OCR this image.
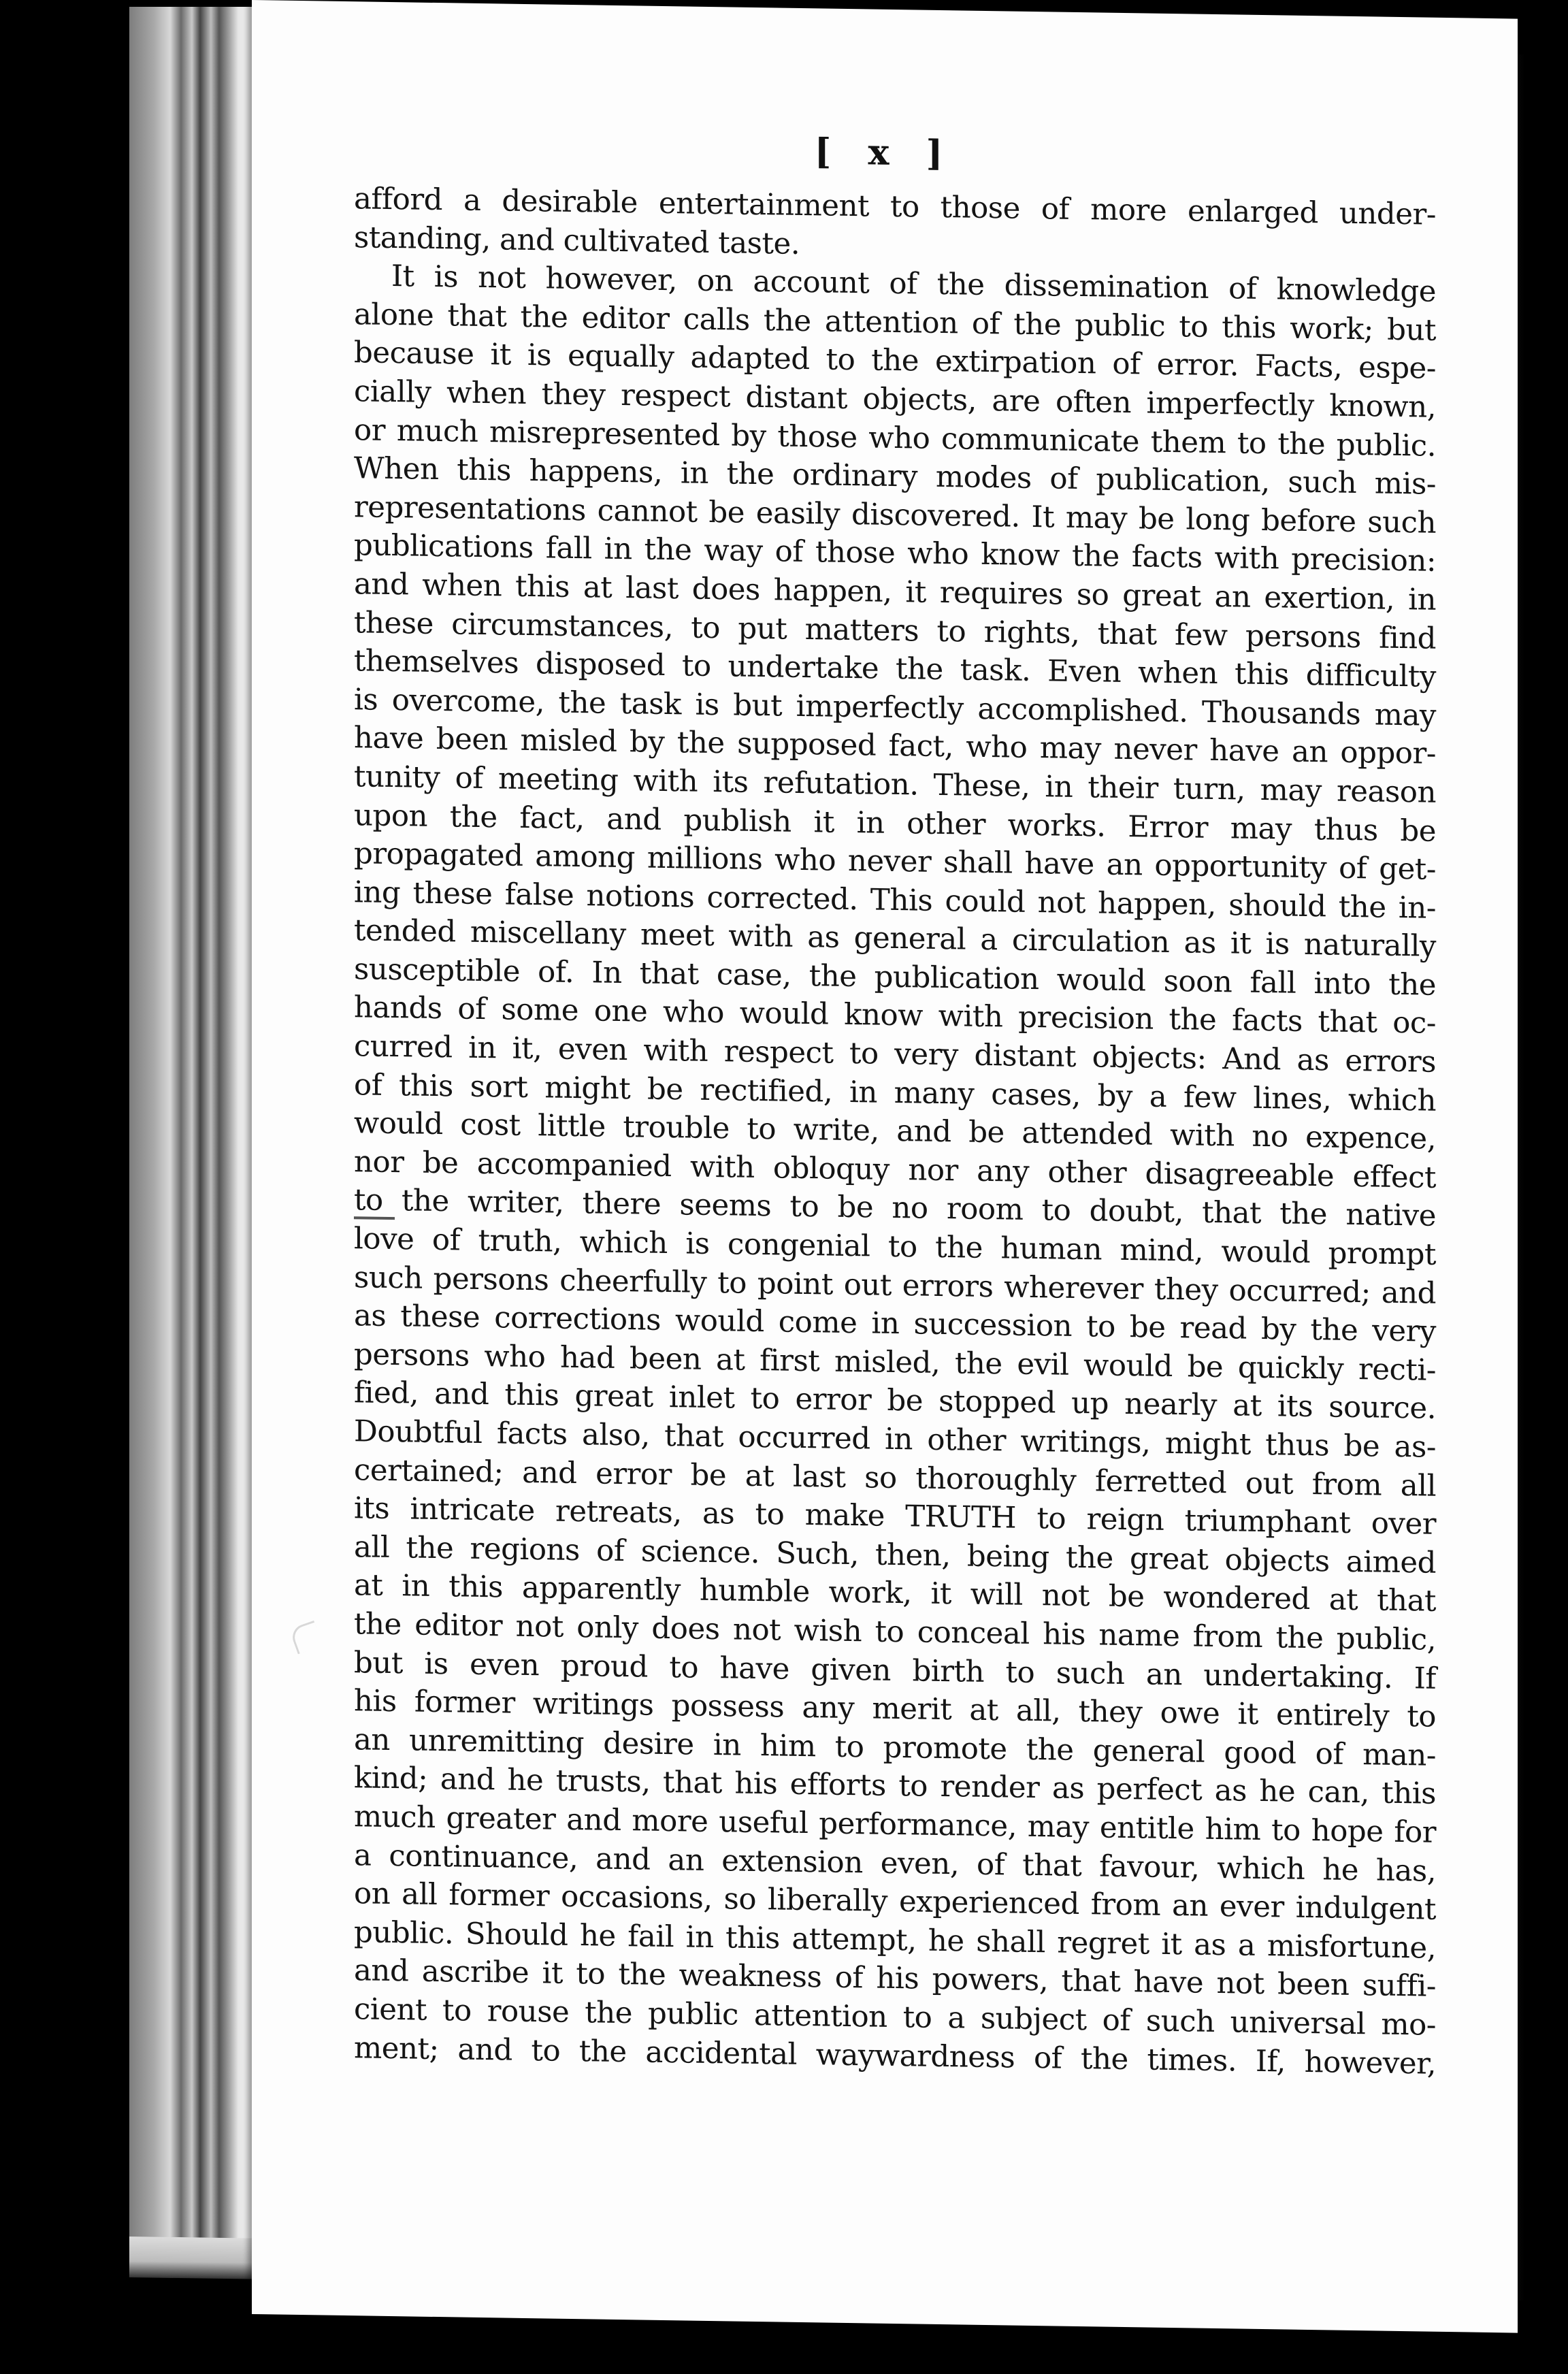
[ x ]
afford a desirable entertainment to those of more enlarged under-
standing, and cultivated taste.
It is not however, on account of the dissemination of knowledge
alone that the editor calls the attention of the public to this work; but
because it is equally adapted to the extirpation of error. Facts, espe-
cially when they respect distant objects, are often imperfectly known,
or much misrepresented by those who communicate them to the public.
When this happens, in the ordinary modes of publication, such mis-
representations cannot be easily discovered. It may be long before such
publications fall in the way of those who know the facts with precision:
and when this at last does happen, it requires so great an exertion, in
these circumstances, to put matters to rights, that few persons find
themselves disposed to undertake the task. Even when this difficulty
is overcome, the task is but imperfectly accomplished. Thousands may
have been misled by the supposed fact, who may never have an oppor-
tunity of meeting with its refutation. These, in their turn, may reason
upon the fact, and publish it in other works. Error may thus be
propagated among millions who never shall have an opportunity of get-
ing these false notions corrected. This could not happen, should the in-
tended miscellany meet with as general a circulation as it is naturally
susceptible of. In that case, the publication would soon fall into the
hands of some one who would know with precision the facts that oc-
curred in it, even with respect to very distant objects: And as errors
of this sort might be rectified, in many cases, by a few lines, which
would cost little trouble to write, and be attended with no expence,
nor be accompanied with obloquy nor any other disagreeable effect
to the writer, there seems to be no room to doubt, that the native
love of truth, which is congenial to the human mind, would prompt
such persons cheerfully to point out errors wherever they occurred; and
as these corrections would come in succession to be read by the very
persons who had been at first misled, the evil would be quickly recti-
fied, and this great inlet to error be stopped up nearly at its source.
Doubtful facts also, that occurred in other writings, might thus be as-
certained; and error be at last so thoroughly ferretted out from all
its intricate retreats, as to make TRUTH to reign triumphant over
all the regions of science. Such, then, being the great objects aimed
at in this apparently humble work, it will not be wondered at that
the editor not only does not wish to conceal his name from the public,
but is even proud to have given birth to such an undertaking. If
his former writings possess any merit at all, they owe it entirely to
an unremitting desire in him to promote the general good of man-
kind; and he trusts, that his efforts to render as perfect as he can, this
much greater and more useful performance, may entitle him to hope for
a continuance, and an extension even, of that favour, which he has,
on all former occasions, so liberally experienced from an ever indulgent
public. Should he fail in this attempt, he shall regret it as a misfortune,
and ascribe it to the weakness of his powers, that have not been suffi-
cient to rouse the public attention to a subject of such universal mo-
ment; and to the accidental waywardness of the times. If, however,
